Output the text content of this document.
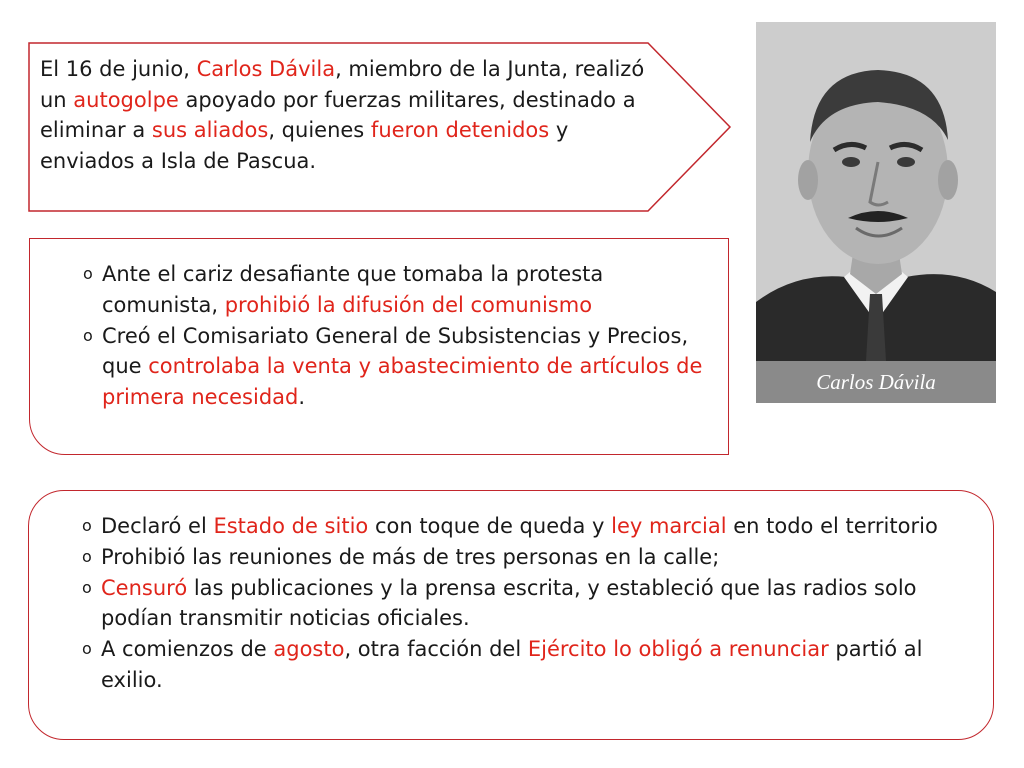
El 16 de junio, Carlos Dávila, miembro de la Junta, realizó un autogolpe apoyado por fuerzas militares, destinado a eliminar a sus aliados, quienes fueron detenidos y enviados a Isla de Pascua.
o Ante el cariz desafiante que tomaba la protesta comunista, prohibió la difusión del comunismo
o Creó el Comisariato General de Subsistencias y Precios, que controlaba la venta y abastecimiento de artículos de primera necesidad.
o Declaró el Estado de sitio con toque de queda y ley marcial en todo el territorio
o Prohibió las reuniones de más de tres personas en la calle;
o Censuró las publicaciones y la prensa escrita, y estableció que las radios solo podían transmitir noticias oficiales.
o A comienzos de agosto, otra facción del Ejército lo obligó a renunciar partió al exilio.
Carlos Dávila
